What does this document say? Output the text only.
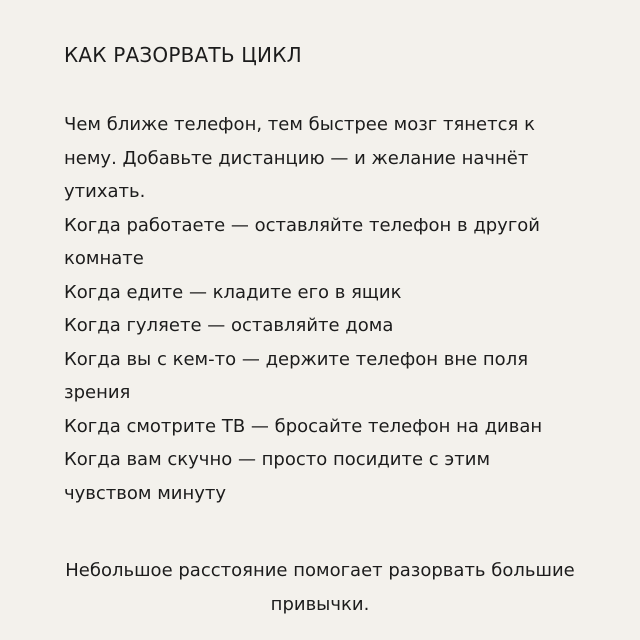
КАК РАЗОРВАТЬ ЦИКЛ

Чем ближе телефон, тем быстрее мозг тянется к нему. Добавьте дистанцию — и желание начнёт утихать.

Когда работаете — оставляйте телефон в другой комнате

Когда едите — кладите его в ящик

Когда гуляете — оставляйте дома

Когда вы с кем-то — держите телефон вне поля зрения

Когда смотрите ТВ — бросайте телефон на диван

Когда вам скучно — просто посидите с этим чувством минуту

Небольшое расстояние помогает разорвать большие привычки.
